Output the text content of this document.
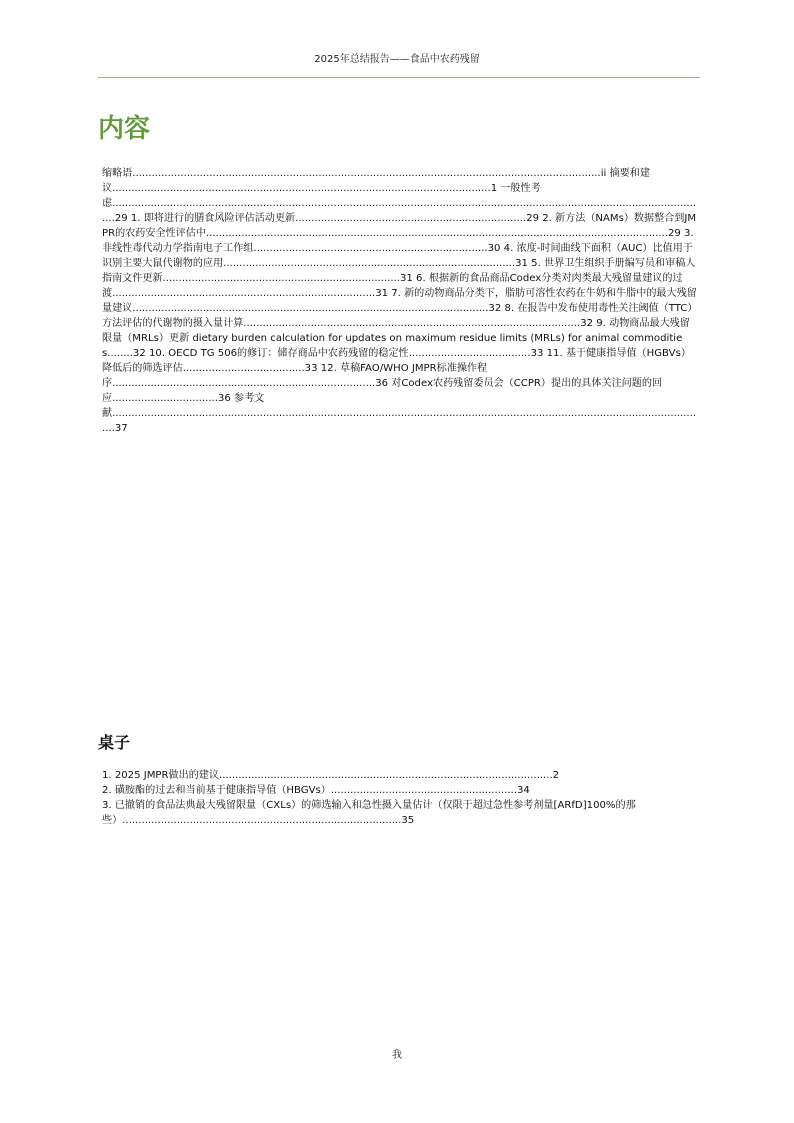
2025年总结报告——食品中农药残留
内容
缩略语..................................................................................................................................................ii 摘要和建议......................................................................................................................1 一般性考虑..........................................................................................................................................................................................29 1. 即将进行的膳食风险评估活动更新........................................................................29 2. 新方法（NAMs）数据整合到JMPR的农药安全性评估中................................................................................................................................................29 3. 非线性毒代动力学指南电子工作组.........................................................................30 4. 浓度-时间曲线下面积（AUC）比值用于识别主要大鼠代谢物的应用...........................................................................................31 5. 世界卫生组织手册编写员和审稿人指南文件更新..........................................................................31 6. 根据新的食品商品Codex分类对肉类最大残留量建议的过渡..................................................................................31 7. 新的动物商品分类下，脂肪可溶性农药在牛奶和牛脂中的最大残留量建议...............................................................................................................32 8. 在报告中发布使用毒性关注阈值（TTC）方法评估的代谢物的摄入量计算.........................................................................................................32 9. 动物商品最大残留限量（MRLs）更新 dietary burden calculation for updates on maximum residue limits (MRLs) for animal commodities........32 10. OECD TG 506的修订：储存商品中农药残留的稳定性......................................33 11. 基于健康指导值（HGBVs）降低后的筛选评估......................................33 12. 草稿FAO/WHO JMPR标准操作程序..................................................................................36 对Codex农药残留委员会（CCPR）提出的具体关注问题的回应.................................36 参考文献..........................................................................................................................................................................................37
桌子

1. 2025 JMPR做出的建议........................................................................................................2

2. 磺胺酯的过去和当前基于健康指导值（HBGVs）..........................................................34

3. 已撤销的食品法典最大残留限量（CXLs）的筛选输入和急性摄入量估计（仅限于超过急性参考剂量[ARfD]100%的那些）.......................................................................................35

我
